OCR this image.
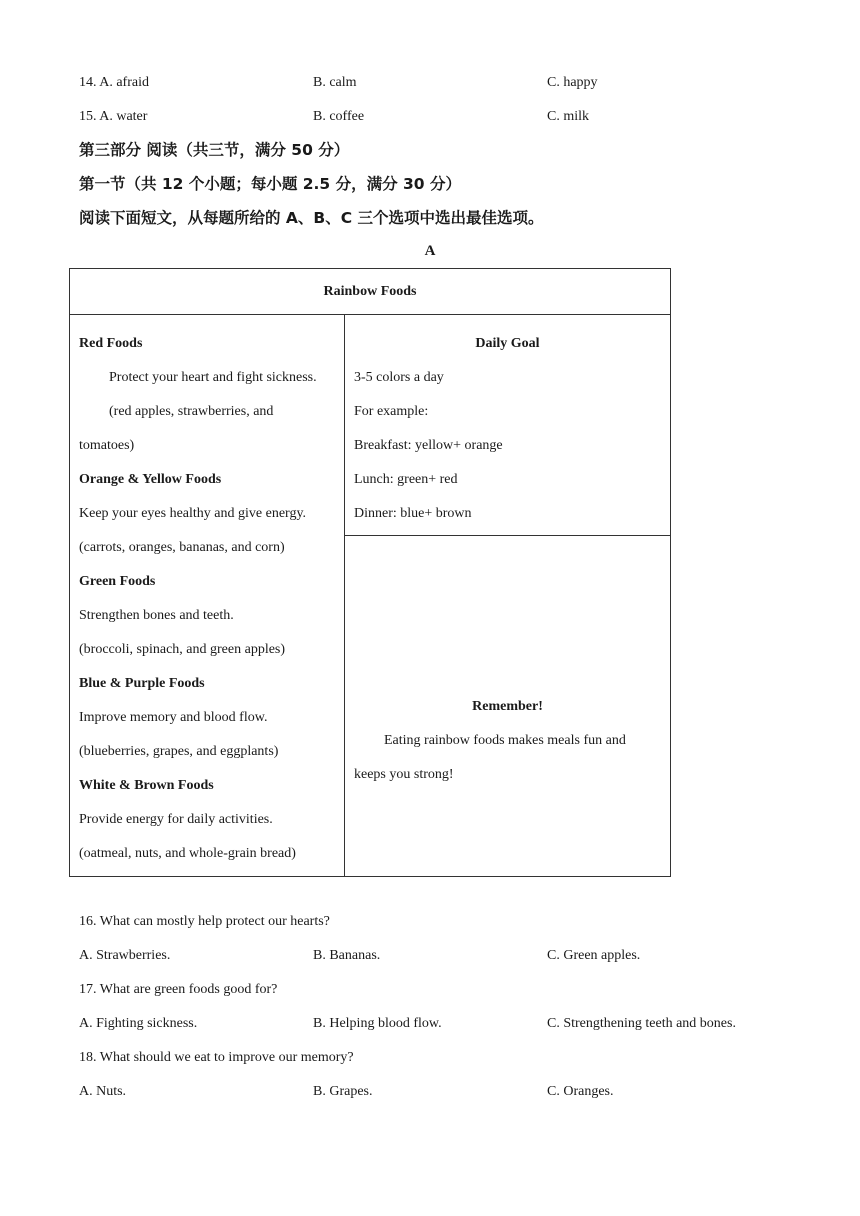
14. A. afraid	B. calm	C. happy
15. A. water	B. coffee	C. milk
第三部分 阅读（共三节，满分 50 分）
第一节（共 12 个小题；每小题 2.5 分，满分 30 分）
阅读下面短文，从每题所给的 A、B、C 三个选项中选出最佳选项。
A
Rainbow Foods

Red Foods
Protect your heart and fight sickness.
(red apples, strawberries, and
tomatoes)
Orange & Yellow Foods
Keep your eyes healthy and give energy.
(carrots, oranges, bananas, and corn)
Green Foods
Strengthen bones and teeth.
(broccoli, spinach, and green apples)
Blue & Purple Foods
Improve memory and blood flow.
(blueberries, grapes, and eggplants)
White & Brown Foods
Provide energy for daily activities.
(oatmeal, nuts, and whole-grain bread)

Daily Goal
3-5 colors a day
For example:
Breakfast: yellow+ orange
Lunch: green+ red
Dinner: blue+ brown

Remember!
Eating rainbow foods makes meals fun and keeps you strong!
16. What can mostly help protect our hearts?
A. Strawberries.	B. Bananas.	C. Green apples.
17. What are green foods good for?
A. Fighting sickness.	B. Helping blood flow.	C. Strengthening teeth and bones.
18. What should we eat to improve our memory?
A. Nuts.	B. Grapes.	C. Oranges.
